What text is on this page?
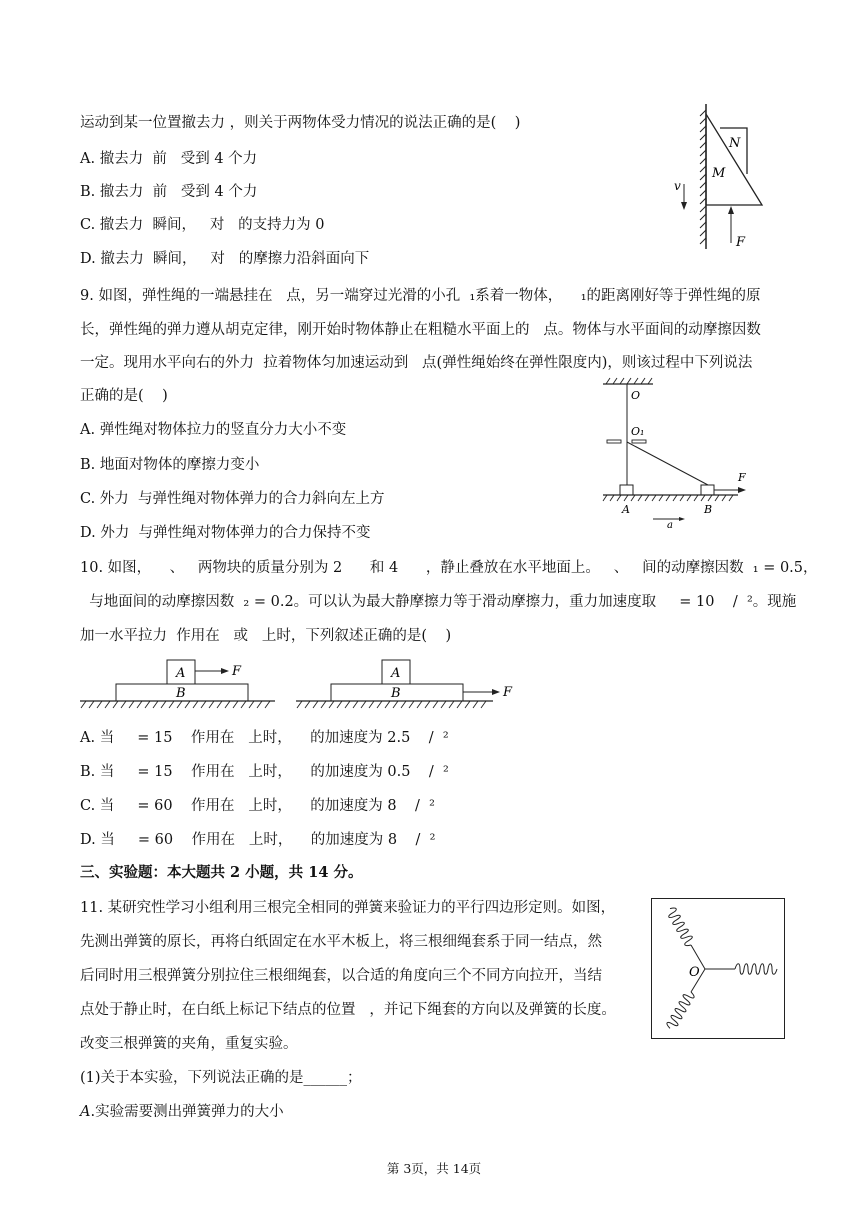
运动到某一位置撤去力 ，则关于两物体受力情况的说法正确的是(    )
A. 撤去力  前   受到 4 个力
B. 撤去力  前   受到 4 个力
C. 撤去力  瞬间，   对   的支持力为 0
D. 撤去力  瞬间，   对   的摩擦力沿斜面向下
N
M
v
F
9. 如图，弹性绳的一端悬挂在   点，另一端穿过光滑的小孔  ₁系着一物体，    ₁的距离刚好等于弹性绳的原
长，弹性绳的弹力遵从胡克定律，刚开始时物体静止在粗糙水平面上的   点。物体与水平面间的动摩擦因数
一定。现用水平向右的外力  拉着物体匀加速运动到   点(弹性绳始终在弹性限度内)，则该过程中下列说法
正确的是(    )
A. 弹性绳对物体拉力的竖直分力大小不变
B. 地面对物体的摩擦力变小
C. 外力  与弹性绳对物体弹力的合力斜向左上方
D. 外力  与弹性绳对物体弹力的合力保持不变
O
O₁
F
A	B
a
10. 如图，    、   两物块的质量分别为 2      和 4      ，静止叠放在水平地面上。   、   间的动摩擦因数  ₁ = 0.5，
与地面间的动摩擦因数  ₂ = 0.2。可以认为最大静摩擦力等于滑动摩擦力，重力加速度取     = 10    /  ²。现施
加一水平拉力  作用在   或   上时，下列叙述正确的是(    )
A	F
B
A
B	F
A. 当     = 15    作用在   上时，    的加速度为 2.5    /  ²
B. 当     = 15    作用在   上时，    的加速度为 0.5    /  ²
C. 当     = 60    作用在   上时，    的加速度为 8    /  ²
D. 当     = 60    作用在   上时，    的加速度为 8    /  ²
三、实验题：本大题共 2 小题，共 14 分。
11. 某研究性学习小组利用三根完全相同的弹簧来验证力的平行四边形定则。如图，
先测出弹簧的原长，再将白纸固定在水平木板上，将三根细绳套系于同一结点，然
后同时用三根弹簧分别拉住三根细绳套，以合适的角度向三个不同方向拉开，当结
点处于静止时，在白纸上标记下结点的位置   ，并记下绳套的方向以及弹簧的长度。
改变三根弹簧的夹角，重复实验。
(1)关于本实验，下列说法正确的是______；
A.实验需要测出弹簧弹力的大小
O
第 3页，共 14页
